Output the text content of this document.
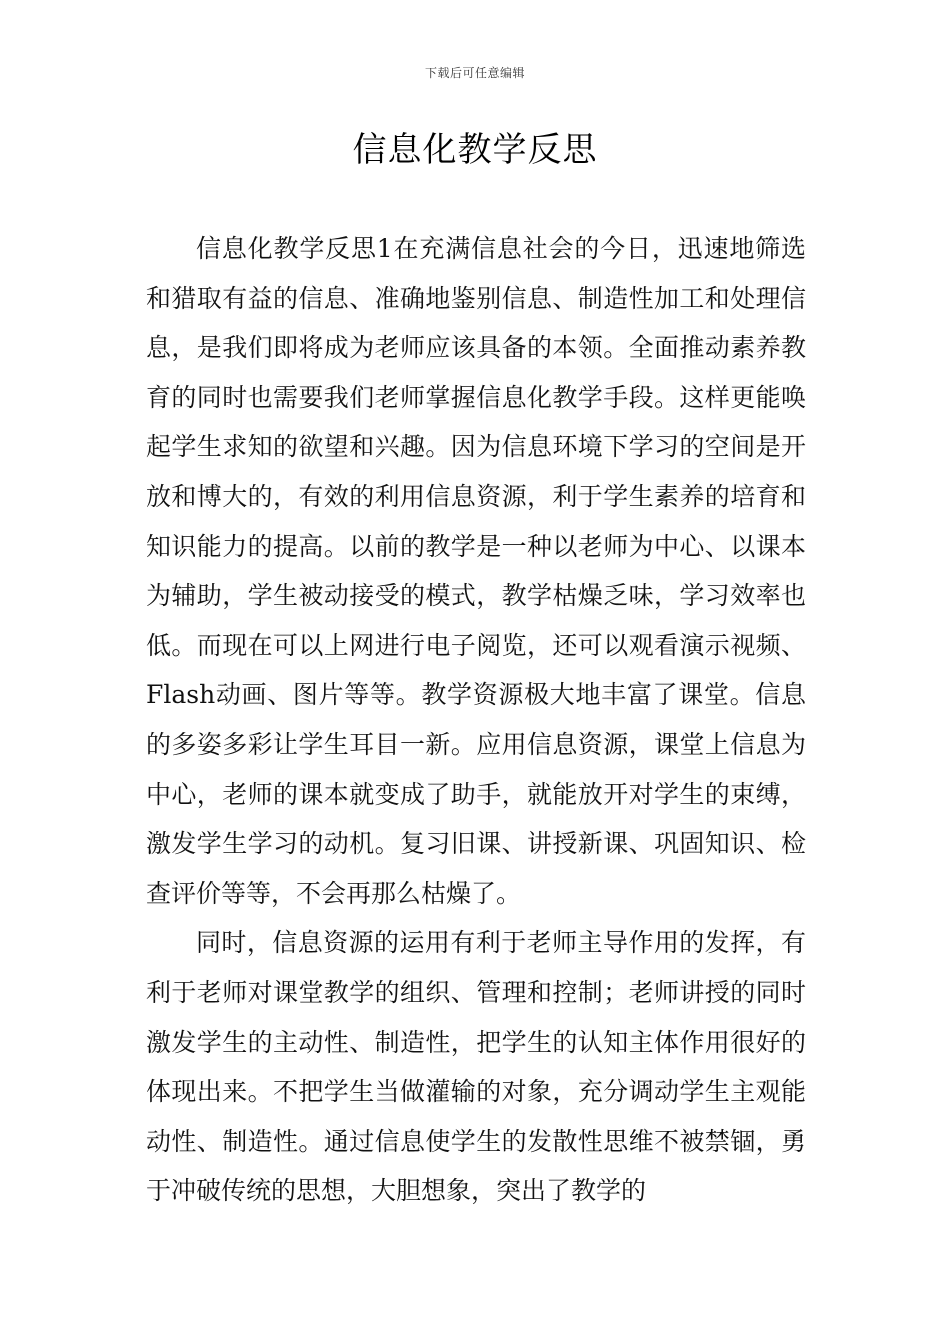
下载后可任意编辑
信息化教学反思

信息化教学反思1在充满信息社会的今日，迅速地筛选和猎取有益的信息、准确地鉴别信息、制造性加工和处理信息，是我们即将成为老师应该具备的本领。全面推动素养教育的同时也需要我们老师掌握信息化教学手段。这样更能唤起学生求知的欲望和兴趣。因为信息环境下学习的空间是开放和博大的，有效的利用信息资源，利于学生素养的培育和知识能力的提高。以前的教学是一种以老师为中心、以课本为辅助，学生被动接受的模式，教学枯燥乏味，学习效率也低。而现在可以上网进行电子阅览，还可以观看演示视频、Flash动画、图片等等。教学资源极大地丰富了课堂。信息的多姿多彩让学生耳目一新。应用信息资源，课堂上信息为中心，老师的课本就变成了助手，就能放开对学生的束缚，激发学生学习的动机。复习旧课、讲授新课、巩固知识、检查评价等等，不会再那么枯燥了。

同时，信息资源的运用有利于老师主导作用的发挥，有利于老师对课堂教学的组织、管理和控制；老师讲授的同时激发学生的主动性、制造性，把学生的认知主体作用很好的体现出来。不把学生当做灌输的对象，充分调动学生主观能动性、制造性。通过信息使学生的发散性思维不被禁锢，勇于冲破传统的思想，大胆想象，突出了教学的
